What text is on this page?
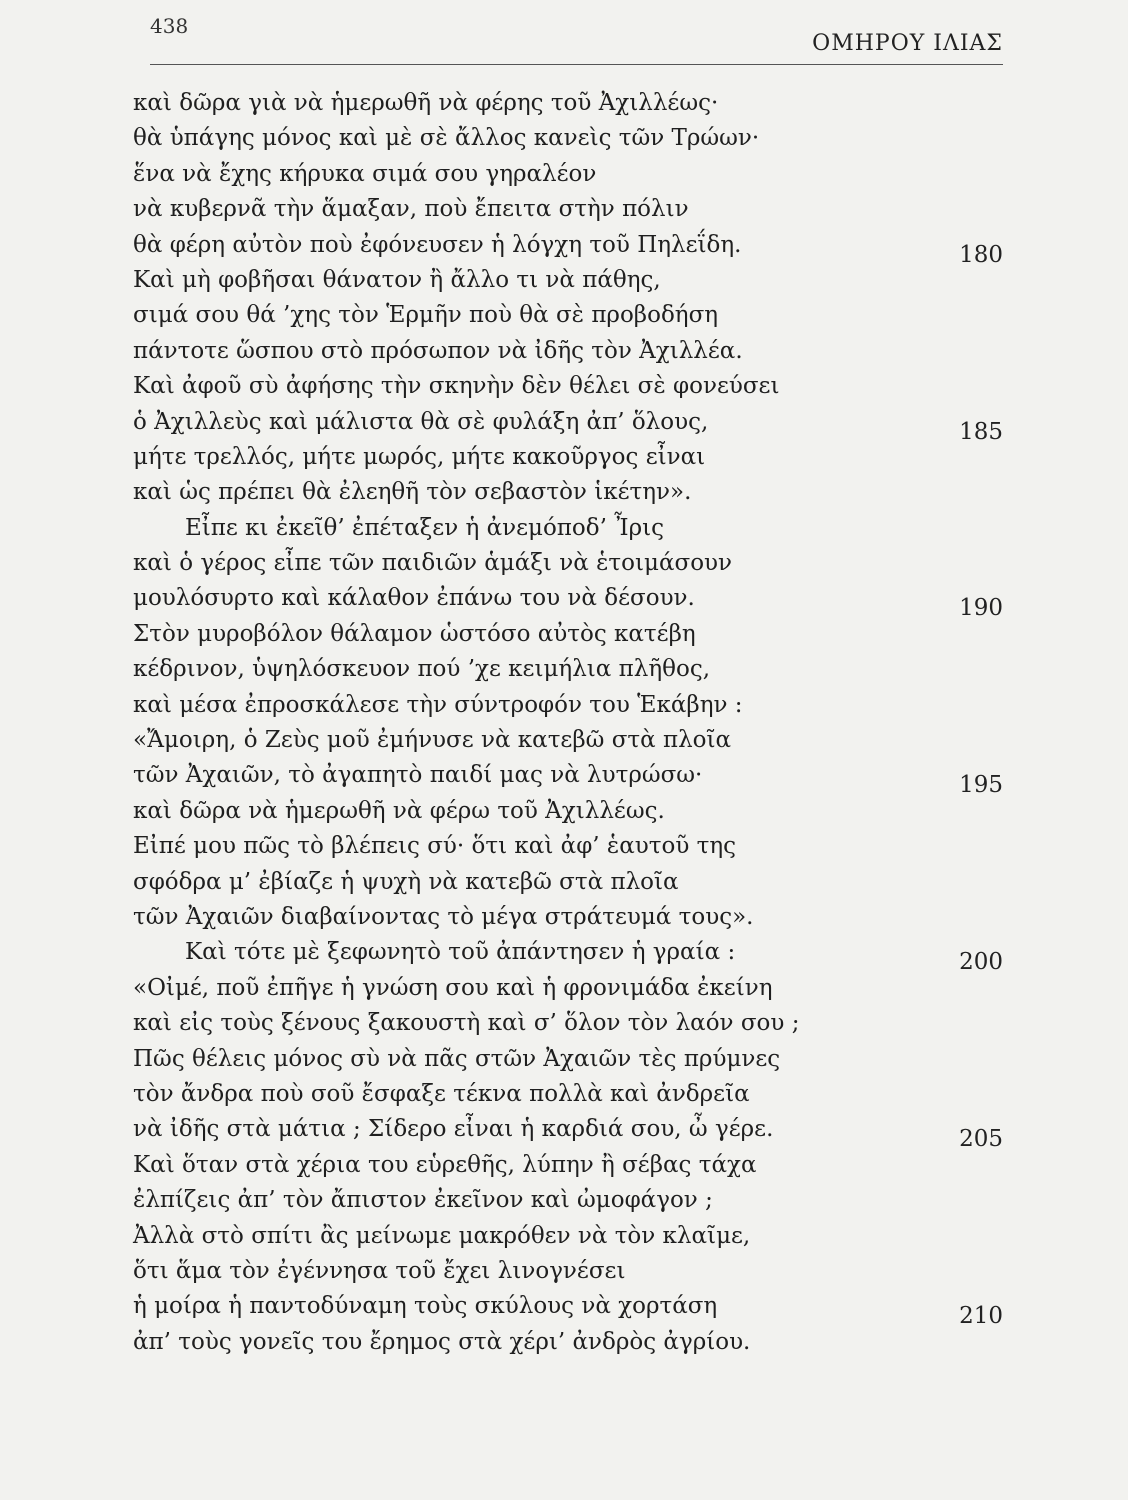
438
ΟΜΗΡΟΥ ΙΛΙΑΣ
καὶ δῶρα γιὰ νὰ ἡμερωθῆ νὰ φέρης τοῦ Ἀχιλλέως·
θὰ ὑπάγης μόνος καὶ μὲ σὲ ἄλλος κανεὶς τῶν Τρώων·
ἕνα νὰ ἔχης κήρυκα σιμά σου γηραλέον
νὰ κυβερνᾶ τὴν ἅμαξαν, ποὺ ἔπειτα στὴν πόλιν
θὰ φέρη αὐτὸν ποὺ ἐφόνευσεν ἡ λόγχη τοῦ Πηλεΐδη.	180
Καὶ μὴ φοβῆσαι θάνατον ἢ ἄλλο τι νὰ πάθης,
σιμά σου θά ’χης τὸν Ἑρμῆν ποὺ θὰ σὲ προβοδήση
πάντοτε ὥσπου στὸ πρόσωπον νὰ ἰδῆς τὸν Ἀχιλλέα.
Καὶ ἀφοῦ σὺ ἀφήσης τὴν σκηνὴν δὲν θέλει σὲ φονεύσει
ὁ Ἀχιλλεὺς καὶ μάλιστα θὰ σὲ φυλάξη ἀπ’ ὅλους,	185
μήτε τρελλός, μήτε μωρός, μήτε κακοῦργος εἶναι
καὶ ὡς πρέπει θὰ ἐλεηθῆ τὸν σεβαστὸν ἱκέτην».
Εἶπε κι ἐκεῖθ’ ἐπέταξεν ἡ ἀνεμόποδ’ Ἶρις
καὶ ὁ γέρος εἶπε τῶν παιδιῶν ἁμάξι νὰ ἑτοιμάσουν
μουλόσυρτο καὶ κάλαθον ἐπάνω του νὰ δέσουν.	190
Στὸν μυροβόλον θάλαμον ὡστόσο αὐτὸς κατέβη
κέδρινον, ὑψηλόσκευον πού ’χε κειμήλια πλῆθος,
καὶ μέσα ἐπροσκάλεσε τὴν σύντροφόν του Ἑκάβην :
«Ἄμοιρη, ὁ Ζεὺς μοῦ ἐμήνυσε νὰ κατεβῶ στὰ πλοῖα
τῶν Ἀχαιῶν, τὸ ἀγαπητὸ παιδί μας νὰ λυτρώσω·	195
καὶ δῶρα νὰ ἡμερωθῆ νὰ φέρω τοῦ Ἀχιλλέως.
Εἰπέ μου πῶς τὸ βλέπεις σύ· ὅτι καὶ ἀφ’ ἑαυτοῦ της
σφόδρα μ’ ἐβίαζε ἡ ψυχὴ νὰ κατεβῶ στὰ πλοῖα
τῶν Ἀχαιῶν διαβαίνοντας τὸ μέγα στράτευμά τους».
Καὶ τότε μὲ ξεφωνητὸ τοῦ ἀπάντησεν ἡ γραία :	200
«Οἰμέ, ποῦ ἐπῆγε ἡ γνώση σου καὶ ἡ φρονιμάδα ἐκείνη
καὶ εἰς τοὺς ξένους ξακουστὴ καὶ σ’ ὅλον τὸν λαόν σου ;
Πῶς θέλεις μόνος σὺ νὰ πᾶς στῶν Ἀχαιῶν τὲς πρύμνες
τὸν ἄνδρα ποὺ σοῦ ἔσφαξε τέκνα πολλὰ καὶ ἀνδρεῖα
νὰ ἰδῆς στὰ μάτια ; Σίδερο εἶναι ἡ καρδιά σου, ὦ γέρε.	205
Καὶ ὅταν στὰ χέρια του εὑρεθῆς, λύπην ἢ σέβας τάχα
ἐλπίζεις ἀπ’ τὸν ἄπιστον ἐκεῖνον καὶ ὠμοφάγον ;
Ἀλλὰ στὸ σπίτι ἂς μείνωμε μακρόθεν νὰ τὸν κλαῖμε,
ὅτι ἅμα τὸν ἐγέννησα τοῦ ἔχει λινογνέσει
ἡ μοίρα ἡ παντοδύναμη τοὺς σκύλους νὰ χορτάση	210
ἀπ’ τοὺς γονεῖς του ἔρημος στὰ χέρι’ ἀνδρὸς ἀγρίου.
